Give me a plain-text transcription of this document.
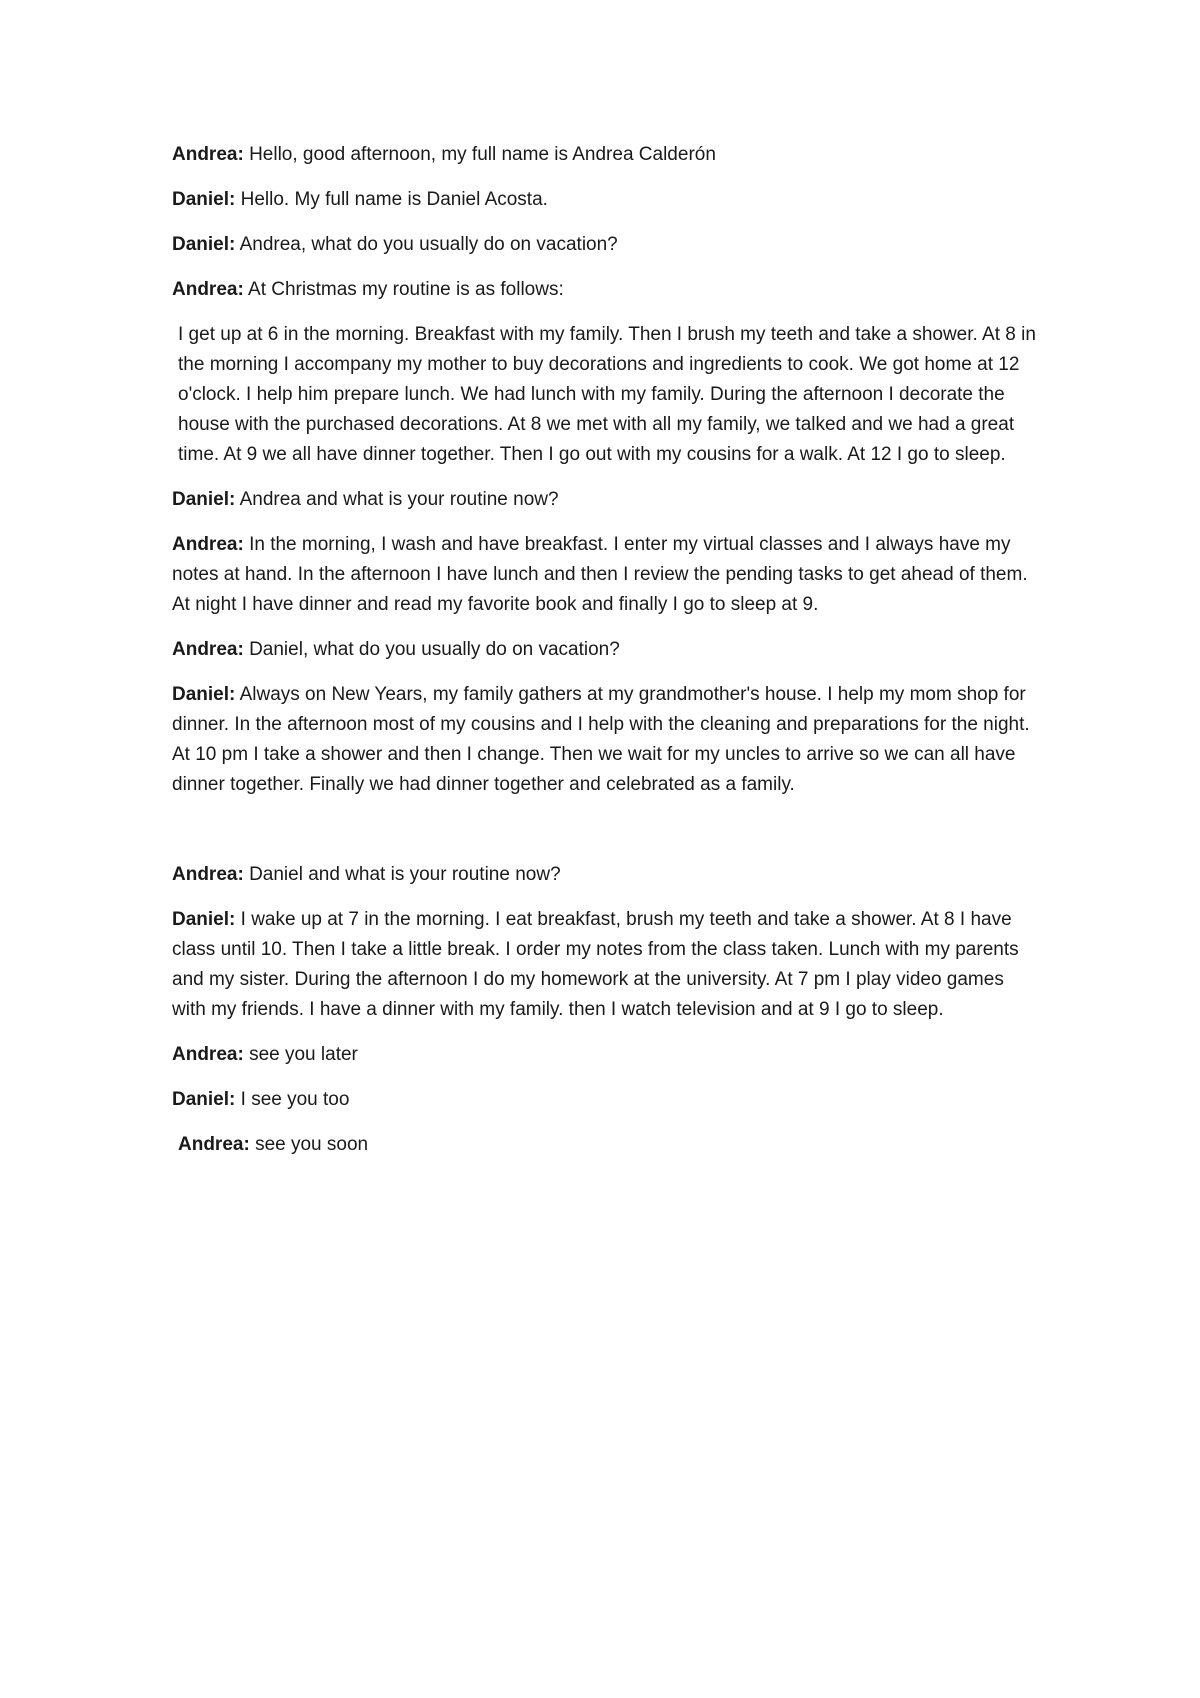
Andrea: Hello, good afternoon, my full name is Andrea Calderón

Daniel: Hello. My full name is Daniel Acosta.

Daniel: Andrea, what do you usually do on vacation?

Andrea: At Christmas my routine is as follows:

I get up at 6 in the morning. Breakfast with my family. Then I brush my teeth and take a shower. At 8 in the morning I accompany my mother to buy decorations and ingredients to cook. We got home at 12 o'clock. I help him prepare lunch. We had lunch with my family. During the afternoon I decorate the house with the purchased decorations. At 8 we met with all my family, we talked and we had a great time. At 9 we all have dinner together. Then I go out with my cousins for a walk. At 12 I go to sleep.

Daniel: Andrea and what is your routine now?

Andrea: In the morning, I wash and have breakfast. I enter my virtual classes and I always have my notes at hand. In the afternoon I have lunch and then I review the pending tasks to get ahead of them. At night I have dinner and read my favorite book and finally I go to sleep at 9.

Andrea: Daniel, what do you usually do on vacation?

Daniel: Always on New Years, my family gathers at my grandmother's house. I help my mom shop for dinner. In the afternoon most of my cousins and I help with the cleaning and preparations for the night. At 10 pm I take a shower and then I change. Then we wait for my uncles to arrive so we can all have dinner together. Finally we had dinner together and celebrated as a family.

Andrea: Daniel and what is your routine now?

Daniel: I wake up at 7 in the morning. I eat breakfast, brush my teeth and take a shower. At 8 I have class until 10. Then I take a little break. I order my notes from the class taken. Lunch with my parents and my sister. During the afternoon I do my homework at the university. At 7 pm I play video games with my friends. I have a dinner with my family. then I watch television and at 9 I go to sleep.

Andrea: see you later

Daniel: I see you too

Andrea: see you soon
